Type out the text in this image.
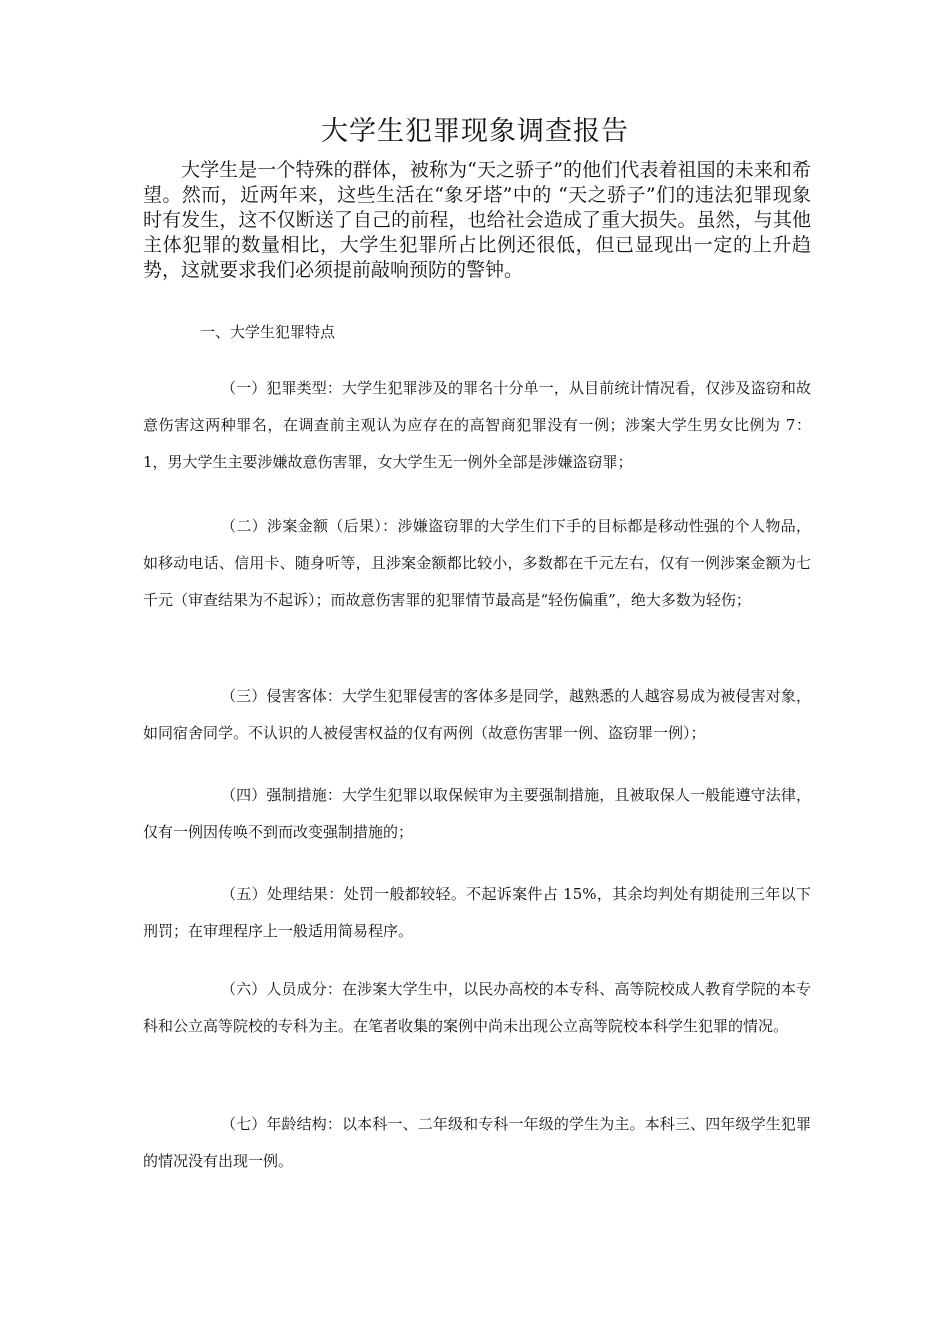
大学生犯罪现象调查报告

大学生是一个特殊的群体，被称为“天之骄子”的他们代表着祖国的未来和希望。然而，近两年来，这些生活在“象牙塔”中的 “天之骄子”们的违法犯罪现象时有发生，这不仅断送了自己的前程，也给社会造成了重大损失。虽然，与其他主体犯罪的数量相比，大学生犯罪所占比例还很低，但已显现出一定的上升趋势，这就要求我们必须提前敲响预防的警钟。

一、大学生犯罪特点

（一）犯罪类型：大学生犯罪涉及的罪名十分单一，从目前统计情况看，仅涉及盗窃和故意伤害这两种罪名，在调查前主观认为应存在的高智商犯罪没有一例；涉案大学生男女比例为 7：1，男大学生主要涉嫌故意伤害罪，女大学生无一例外全部是涉嫌盗窃罪；

（二）涉案金额（后果）：涉嫌盗窃罪的大学生们下手的目标都是移动性强的个人物品，如移动电话、信用卡、随身听等，且涉案金额都比较小，多数都在千元左右，仅有一例涉案金额为七千元（审查结果为不起诉）；而故意伤害罪的犯罪情节最高是“轻伤偏重”，绝大多数为轻伤；

（三）侵害客体：大学生犯罪侵害的客体多是同学，越熟悉的人越容易成为被侵害对象，如同宿舍同学。不认识的人被侵害权益的仅有两例（故意伤害罪一例、盗窃罪一例）；

（四）强制措施：大学生犯罪以取保候审为主要强制措施，且被取保人一般能遵守法律，仅有一例因传唤不到而改变强制措施的；

（五）处理结果：处罚一般都较轻。不起诉案件占 15%，其余均判处有期徒刑三年以下刑罚；在审理程序上一般适用简易程序。

（六）人员成分：在涉案大学生中，以民办高校的本专科、高等院校成人教育学院的本专科和公立高等院校的专科为主。在笔者收集的案例中尚未出现公立高等院校本科学生犯罪的情况。

（七）年龄结构：以本科一、二年级和专科一年级的学生为主。本科三、四年级学生犯罪的情况没有出现一例。
